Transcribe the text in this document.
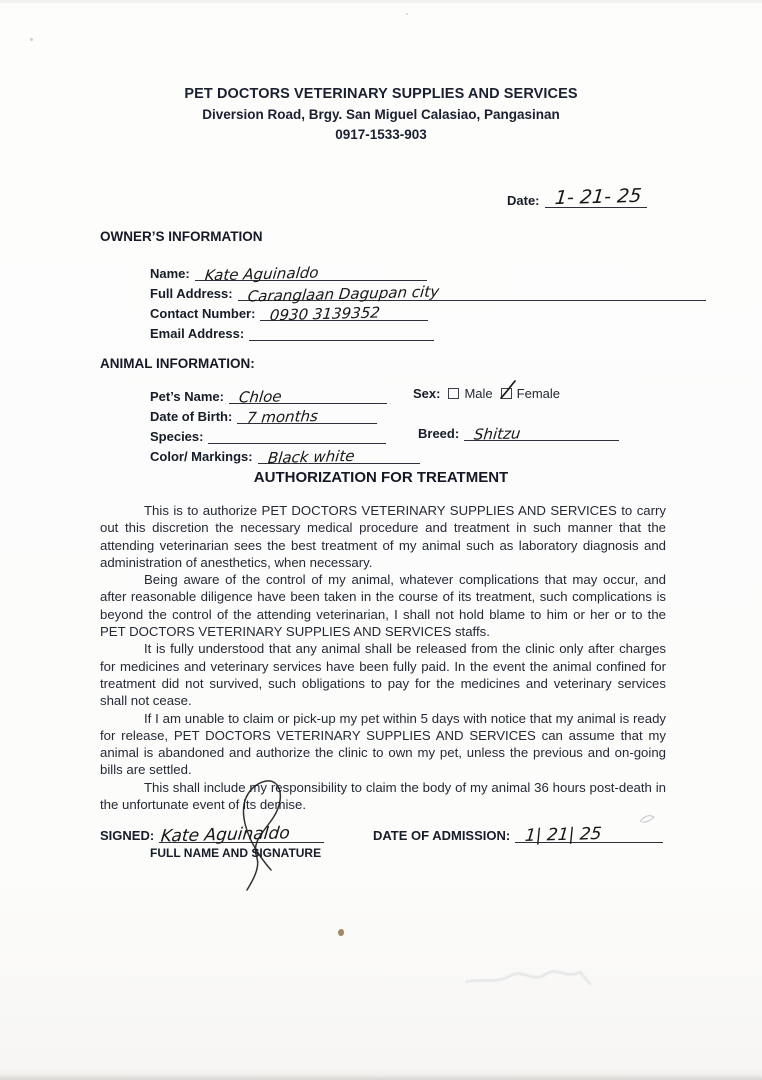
PET DOCTORS VETERINARY SUPPLIES AND SERVICES
Diversion Road, Brgy. San Miguel Calasiao, Pangasinan
0917-1533-903
Date: 1- 21- 25
OWNER’S INFORMATION
Name: Kate Aguinaldo
Full Address: Caranglaan Dagupan city
Contact Number: 0930 3139352
Email Address:
ANIMAL INFORMATION:
Pet’s Name: Chloe
Date of Birth: 7 months
Species:
Color/ Markings: Black white
Sex: Male Female
Breed: Shitzu
AUTHORIZATION FOR TREATMENT

This is to authorize PET DOCTORS VETERINARY SUPPLIES AND SERVICES to carry out this discretion the necessary medical procedure and treatment in such manner that the attending veterinarian sees the best treatment of my animal such as laboratory diagnosis and administration of anesthetics, when necessary.

Being aware of the control of my animal, whatever complications that may occur, and after reasonable diligence have been taken in the course of its treatment, such complications is beyond the control of the attending veterinarian, I shall not hold blame to him or her or to the PET DOCTORS VETERINARY SUPPLIES AND SERVICES staffs.

It is fully understood that any animal shall be released from the clinic only after charges for medicines and veterinary services have been fully paid. In the event the animal confined for treatment did not survived, such obligations to pay for the medicines and veterinary services shall not cease.

If I am unable to claim or pick-up my pet within 5 days with notice that my animal is ready for release, PET DOCTORS VETERINARY SUPPLIES AND SERVICES can assume that my animal is abandoned and authorize the clinic to own my pet, unless the previous and on-going bills are settled.

This shall include my responsibility to claim the body of my animal 36 hours post-death in the unfortunate event of its demise.

SIGNED: Kate Aguinaldo
FULL NAME AND SIGNATURE
DATE OF ADMISSION: 1| 21| 25
